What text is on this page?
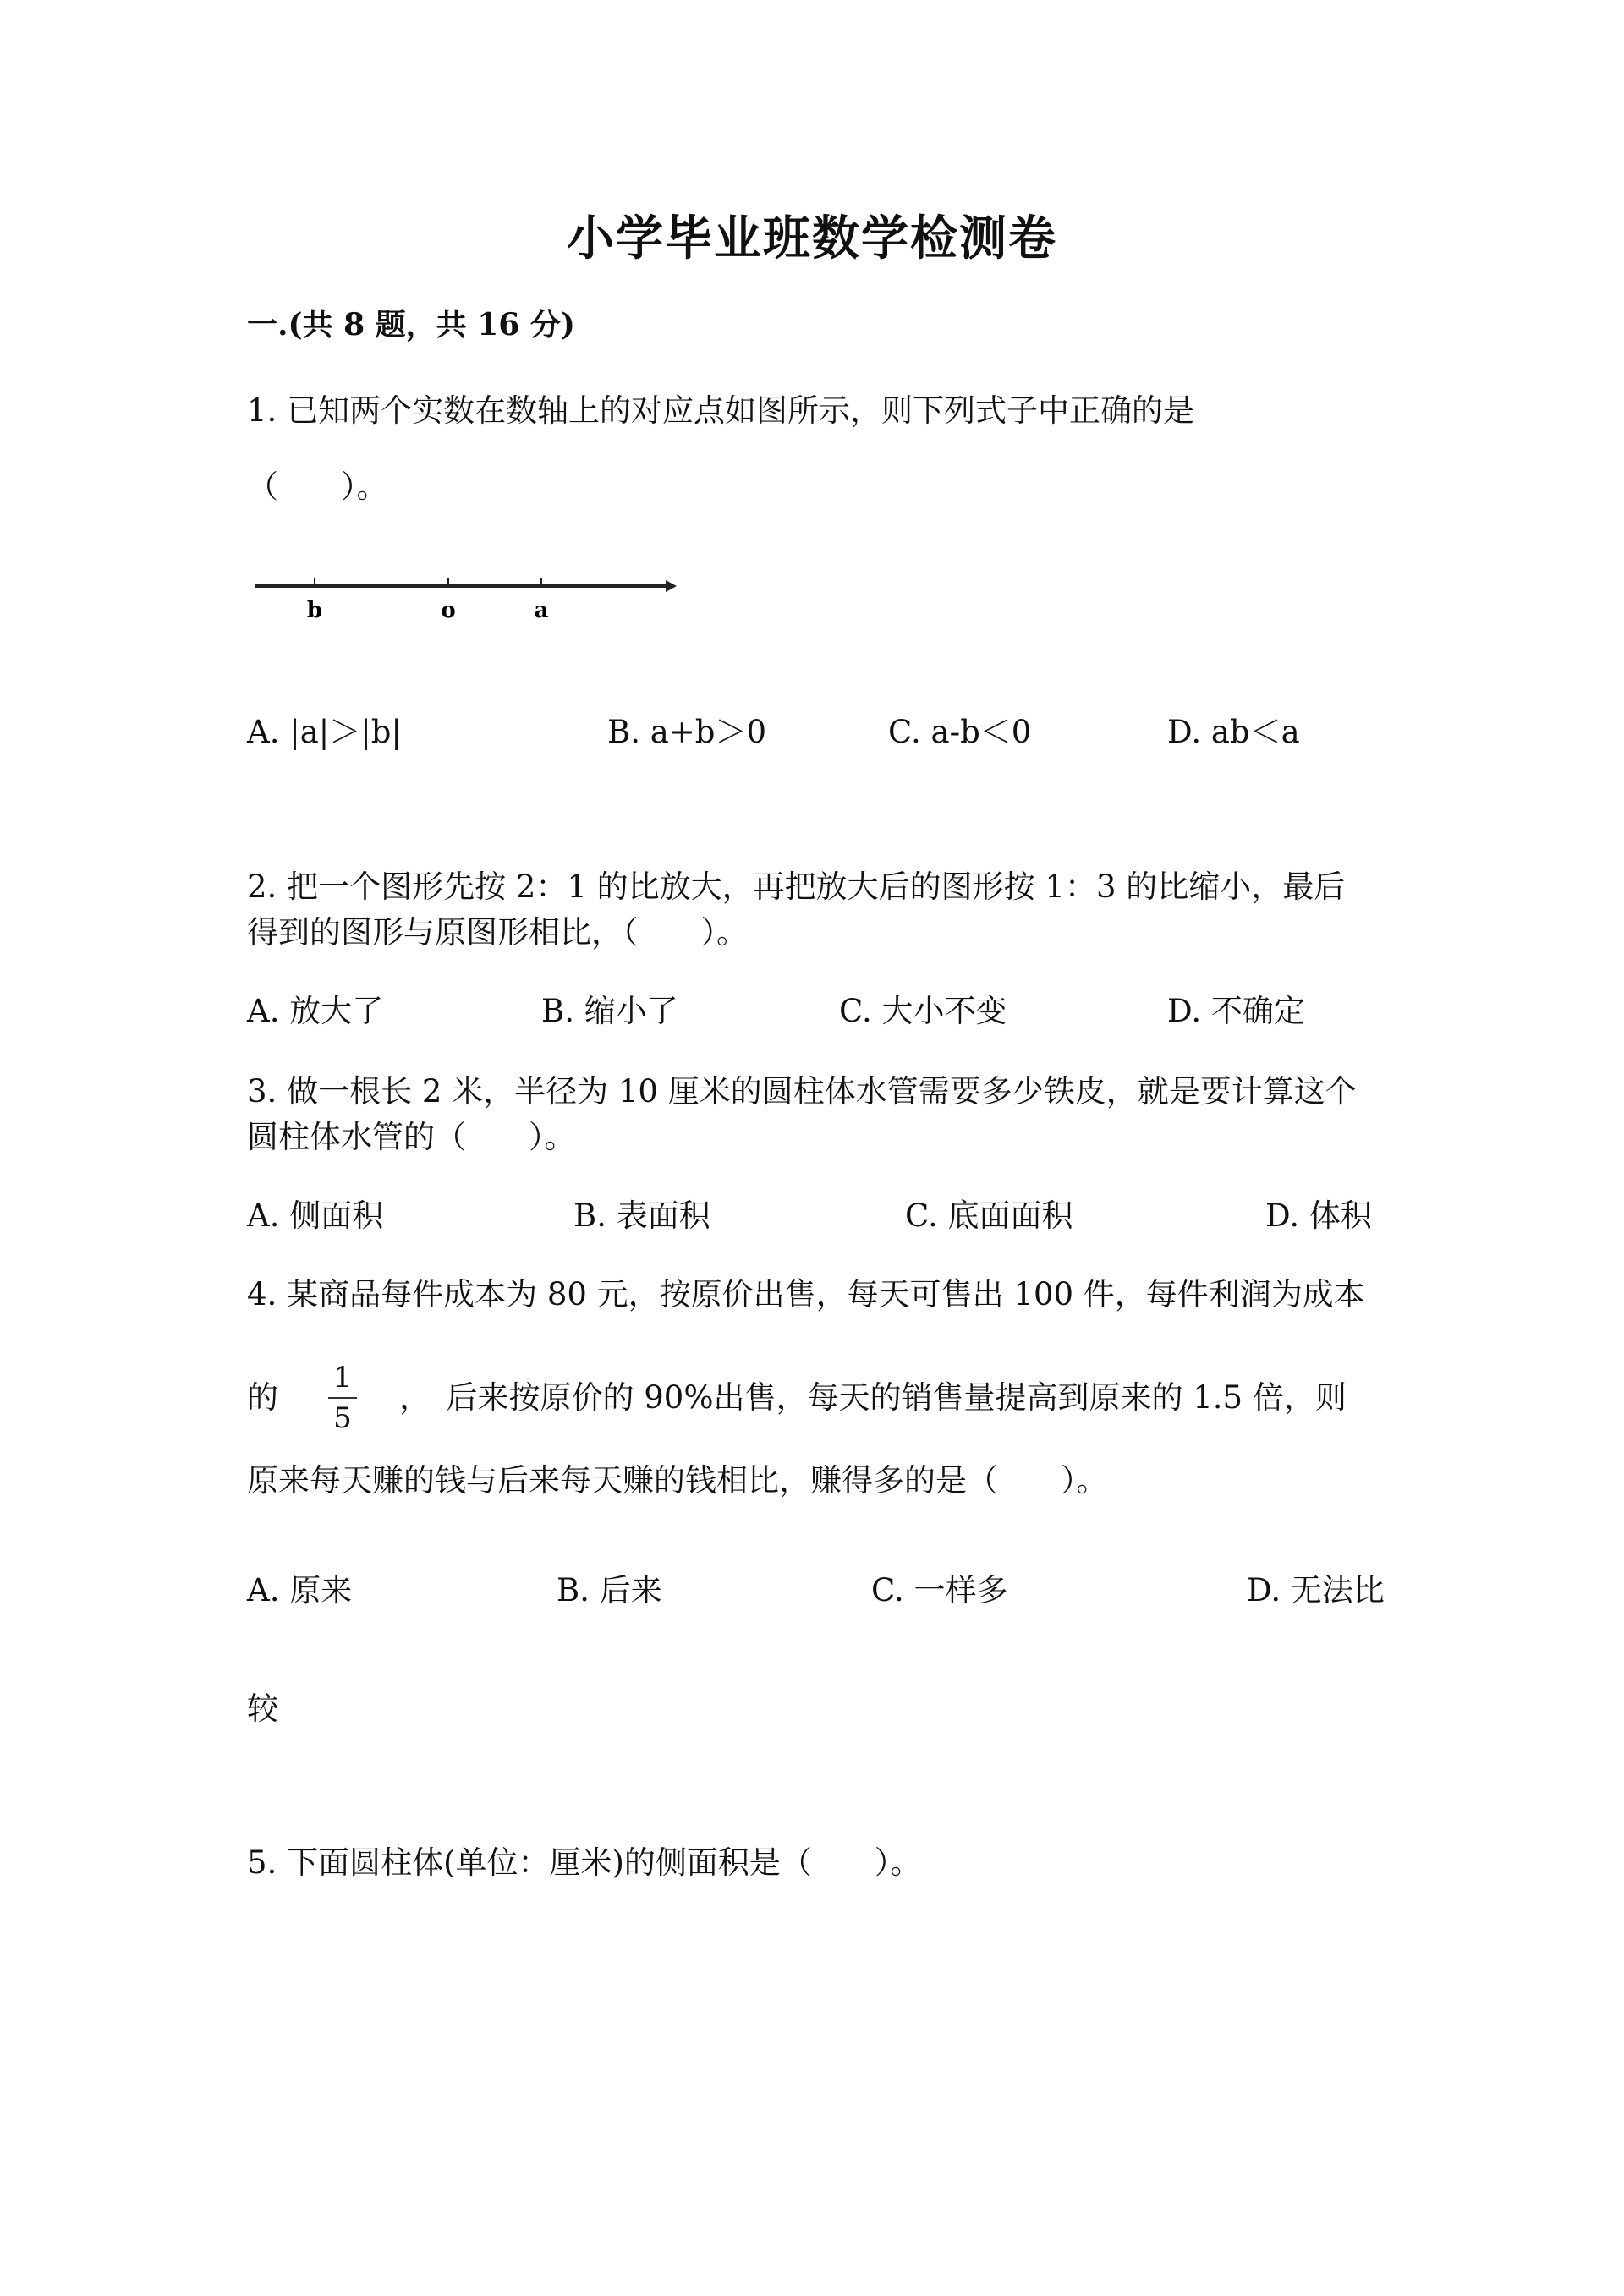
小学毕业班数学检测卷
一.(共 8 题，共 16 分)
1. 已知两个实数在数轴上的对应点如图所示，则下列式子中正确的是
（　　）。
b	o	a
A. |a|＞|b|	B. a+b＞0	C. a-b＜0	D. ab＜a
2. 把一个图形先按 2：1 的比放大，再把放大后的图形按 1：3 的比缩小，最后
得到的图形与原图形相比，（　　）。
A. 放大了	B. 缩小了	C. 大小不变	D. 不确定
3. 做一根长 2 米，半径为 10 厘米的圆柱体水管需要多少铁皮，就是要计算这个
圆柱体水管的（　　）。
A. 侧面积	B. 表面积	C. 底面面积	D. 体积
4. 某商品每件成本为 80 元，按原价出售，每天可售出 100 件，每件利润为成本
的
1
5
，　后来按原价的 90%出售，每天的销售量提高到原来的 1.5 倍，则
原来每天赚的钱与后来每天赚的钱相比，赚得多的是（　　）。
A. 原来	B. 后来	C. 一样多	D. 无法比
较
5. 下面圆柱体(单位：厘米)的侧面积是（　　）。
